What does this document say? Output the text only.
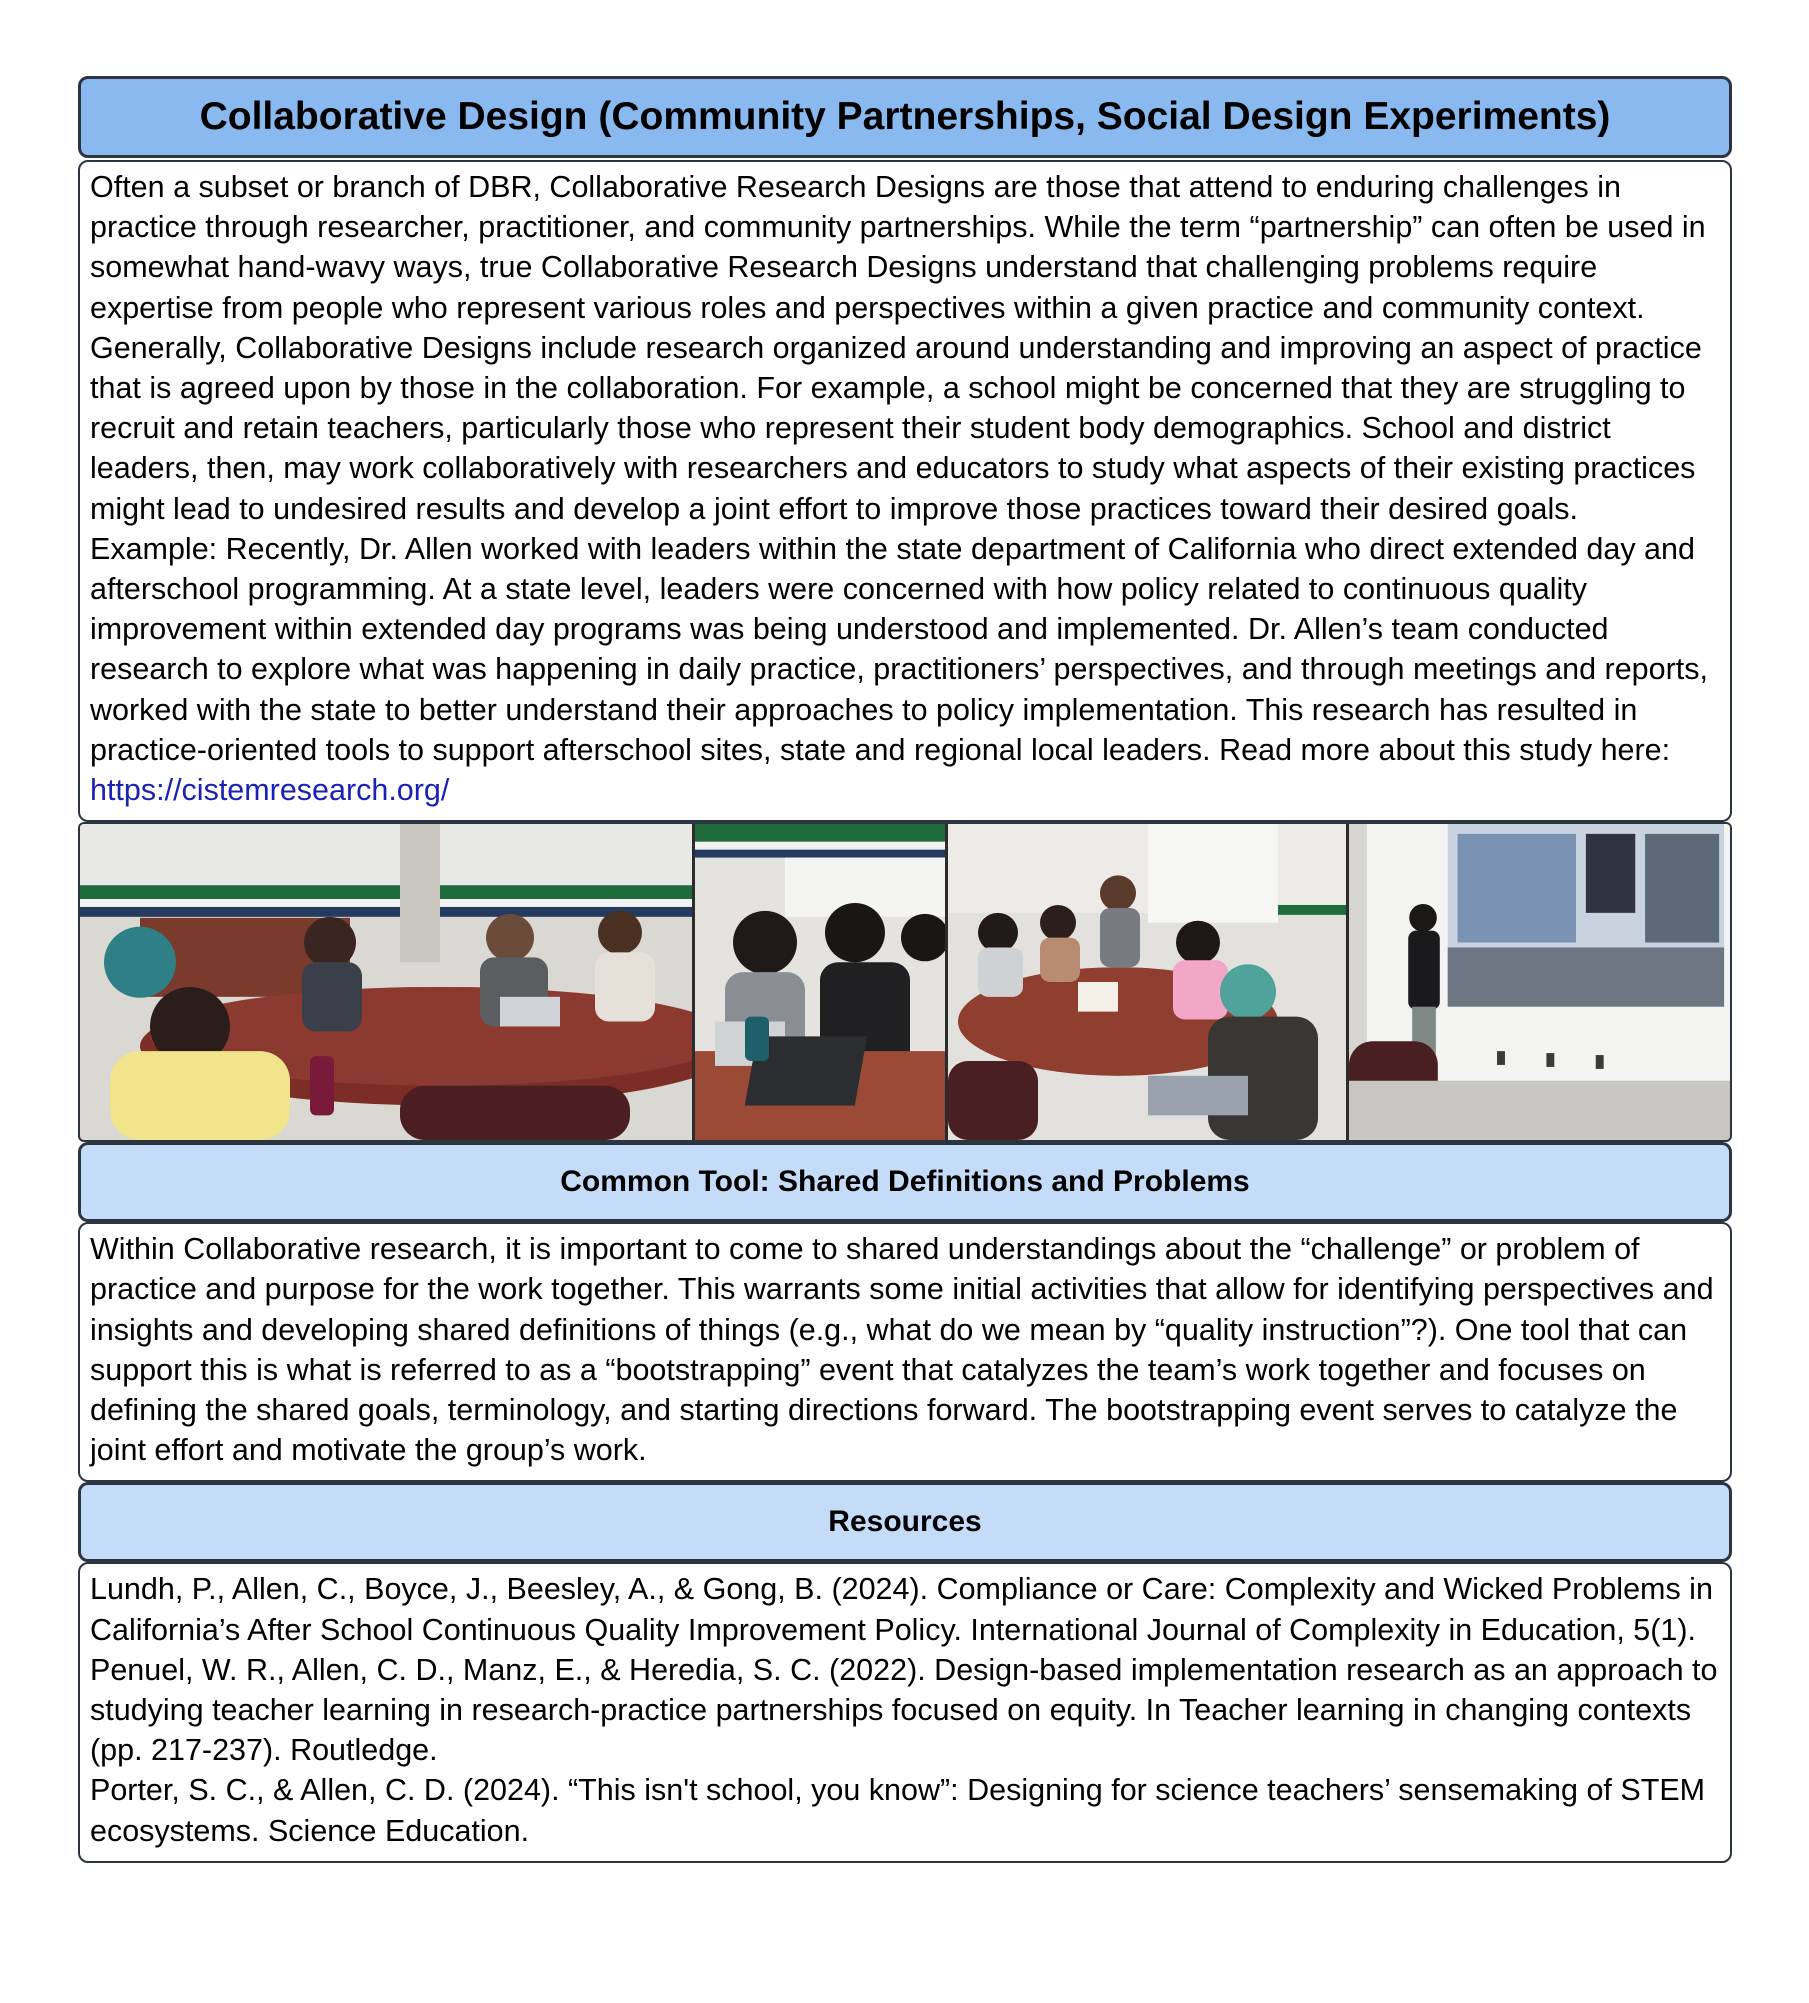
Collaborative Design (Community Partnerships, Social Design Experiments)

Often a subset or branch of DBR, Collaborative Research Designs are those that attend to enduring challenges in practice through researcher, practitioner, and community partnerships. While the term “partnership” can often be used in somewhat hand-wavy ways, true Collaborative Research Designs understand that challenging problems require expertise from people who represent various roles and perspectives within a given practice and community context. Generally, Collaborative Designs include research organized around understanding and improving an aspect of practice that is agreed upon by those in the collaboration. For example, a school might be concerned that they are struggling to recruit and retain teachers, particularly those who represent their student body demographics. School and district leaders, then, may work collaboratively with researchers and educators to study what aspects of their existing practices might lead to undesired results and develop a joint effort to improve those practices toward their desired goals.

Example: Recently, Dr. Allen worked with leaders within the state department of California who direct extended day and afterschool programming. At a state level, leaders were concerned with how policy related to continuous quality improvement within extended day programs was being understood and implemented. Dr. Allen’s team conducted research to explore what was happening in daily practice, practitioners’ perspectives, and through meetings and reports, worked with the state to better understand their approaches to policy implementation. This research has resulted in practice-oriented tools to support afterschool sites, state and regional local leaders. Read more about this study here: https://cistemresearch.org/

Common Tool: Shared Definitions and Problems

Within Collaborative research, it is important to come to shared understandings about the “challenge” or problem of practice and purpose for the work together. This warrants some initial activities that allow for identifying perspectives and insights and developing shared definitions of things (e.g., what do we mean by “quality instruction”?). One tool that can support this is what is referred to as a “bootstrapping” event that catalyzes the team’s work together and focuses on defining the shared goals, terminology, and starting directions forward. The bootstrapping event serves to catalyze the joint effort and motivate the group’s work.

Resources

Lundh, P., Allen, C., Boyce, J., Beesley, A., & Gong, B. (2024). Compliance or Care: Complexity and Wicked Problems in California’s After School Continuous Quality Improvement Policy. International Journal of Complexity in Education, 5(1).

Penuel, W. R., Allen, C. D., Manz, E., & Heredia, S. C. (2022). Design-based implementation research as an approach to studying teacher learning in research-practice partnerships focused on equity. In Teacher learning in changing contexts (pp. 217-237). Routledge.

Porter, S. C., & Allen, C. D. (2024). “This isn't school, you know”: Designing for science teachers’ sensemaking of STEM ecosystems. Science Education.
